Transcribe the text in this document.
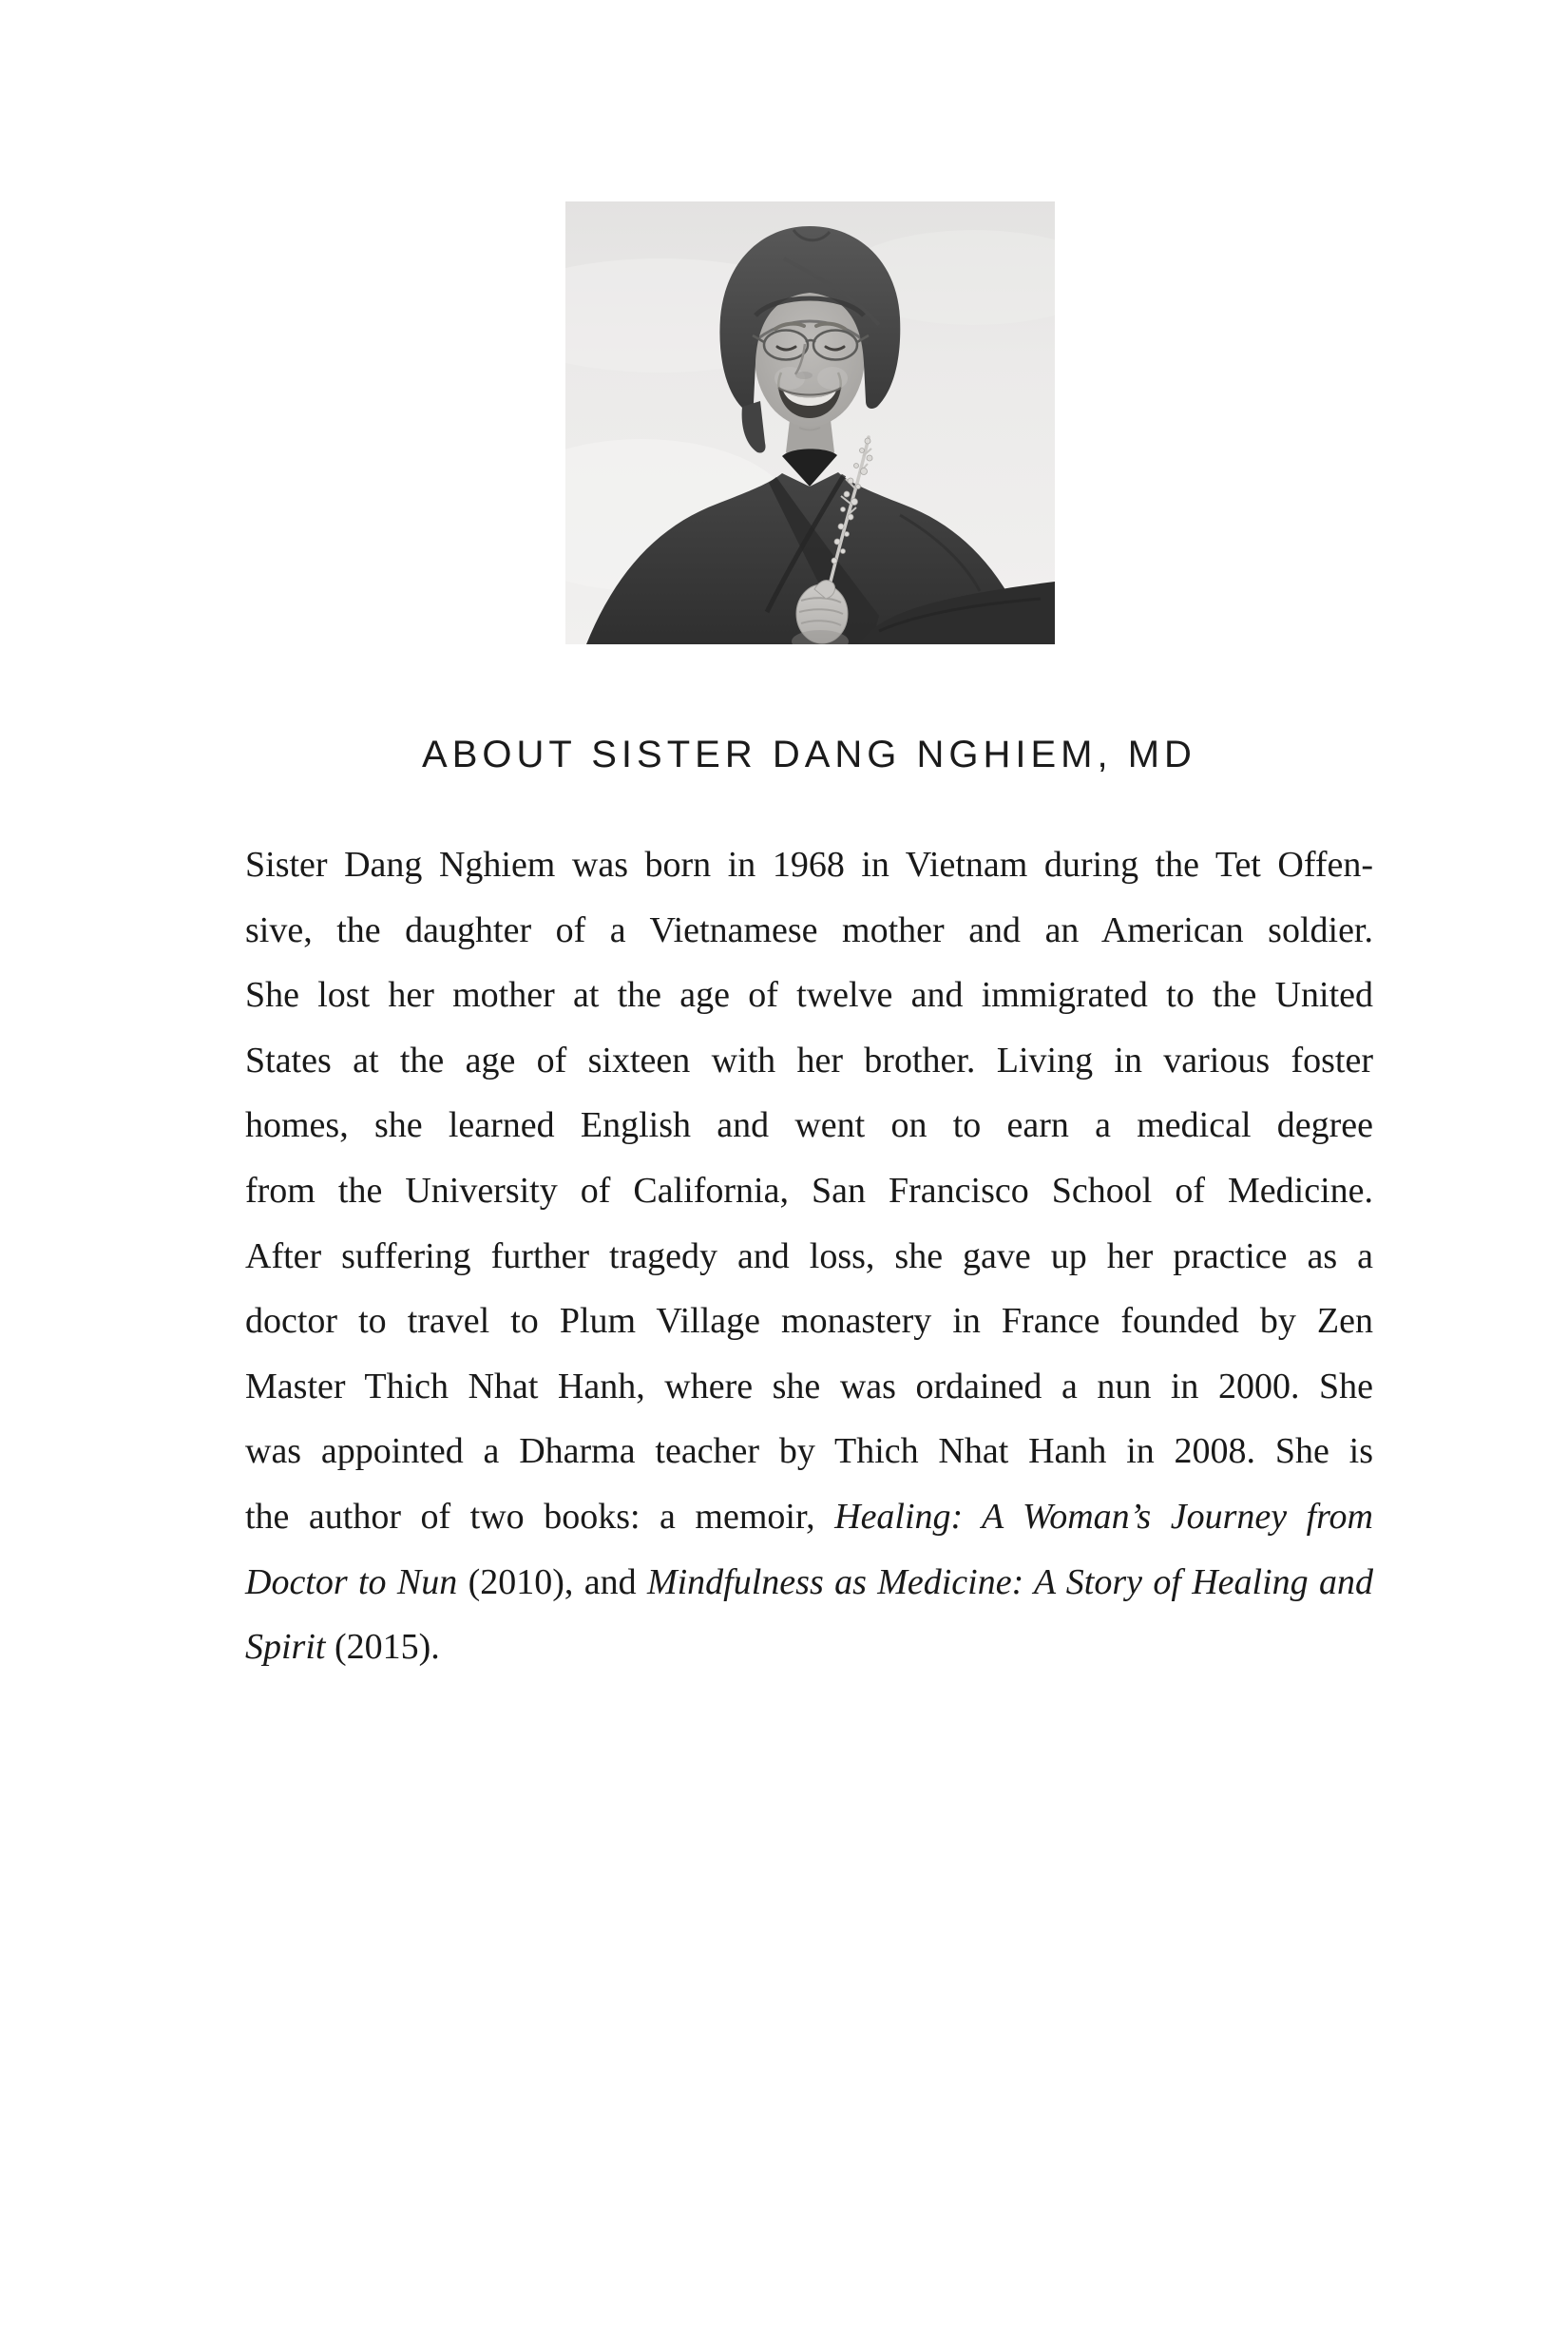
ABOUT SISTER DANG NGHIEM, MD
Sister Dang Nghiem was born in 1968 in Vietnam during the Tet Offen-
sive, the daughter of a Vietnamese mother and an American soldier.
She lost her mother at the age of twelve and immigrated to the United
States at the age of sixteen with her brother. Living in various foster
homes, she learned English and went on to earn a medical degree
from the University of California, San Francisco School of Medicine.
After suffering further tragedy and loss, she gave up her practice as a
doctor to travel to Plum Village monastery in France founded by Zen
Master Thich Nhat Hanh, where she was ordained a nun in 2000. She
was appointed a Dharma teacher by Thich Nhat Hanh in 2008. She is
the author of two books: a memoir, Healing: A Woman’s Journey from
Doctor to Nun (2010), and Mindfulness as Medicine: A Story of Healing and
Spirit (2015).
